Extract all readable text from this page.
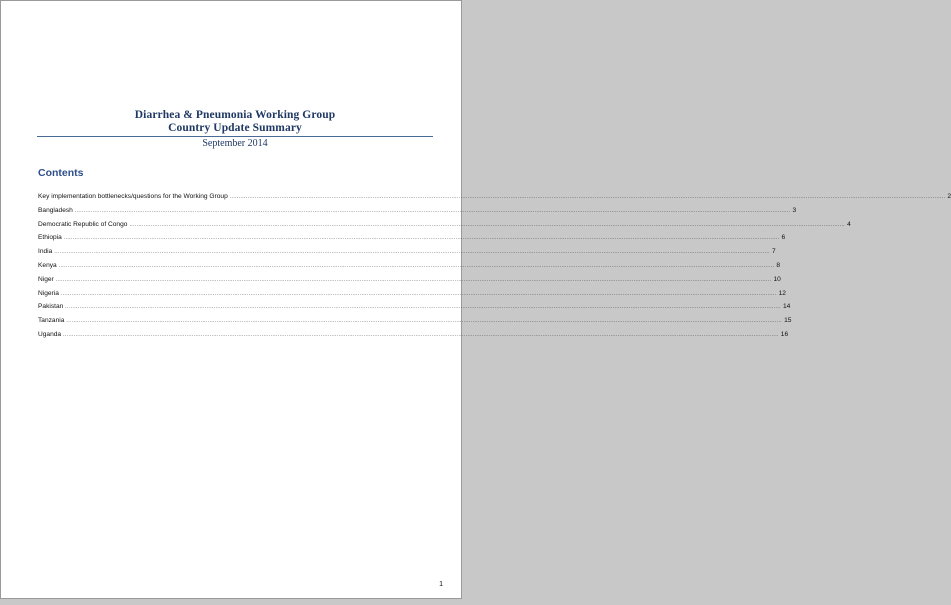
Diarrhea & Pneumonia Working Group
Country Update Summary
September 2014
Contents
Key implementation bottlenecks/questions for the Working Group ................................................................................................................................................................................................................................................................................................................................................................................................................ 2
Bangladesh ................................................................................................................................................................................................................................................................................................................................................................................................................ 3
Democratic Republic of Congo ................................................................................................................................................................................................................................................................................................................................................................................................................ 4
Ethiopia ................................................................................................................................................................................................................................................................................................................................................................................................................ 6
India ................................................................................................................................................................................................................................................................................................................................................................................................................ 7
Kenya ................................................................................................................................................................................................................................................................................................................................................................................................................ 8
Niger ................................................................................................................................................................................................................................................................................................................................................................................................................ 10
Nigeria ................................................................................................................................................................................................................................................................................................................................................................................................................ 12
Pakistan ................................................................................................................................................................................................................................................................................................................................................................................................................ 14
Tanzania ................................................................................................................................................................................................................................................................................................................................................................................................................ 15
Uganda ................................................................................................................................................................................................................................................................................................................................................................................................................ 16
1
